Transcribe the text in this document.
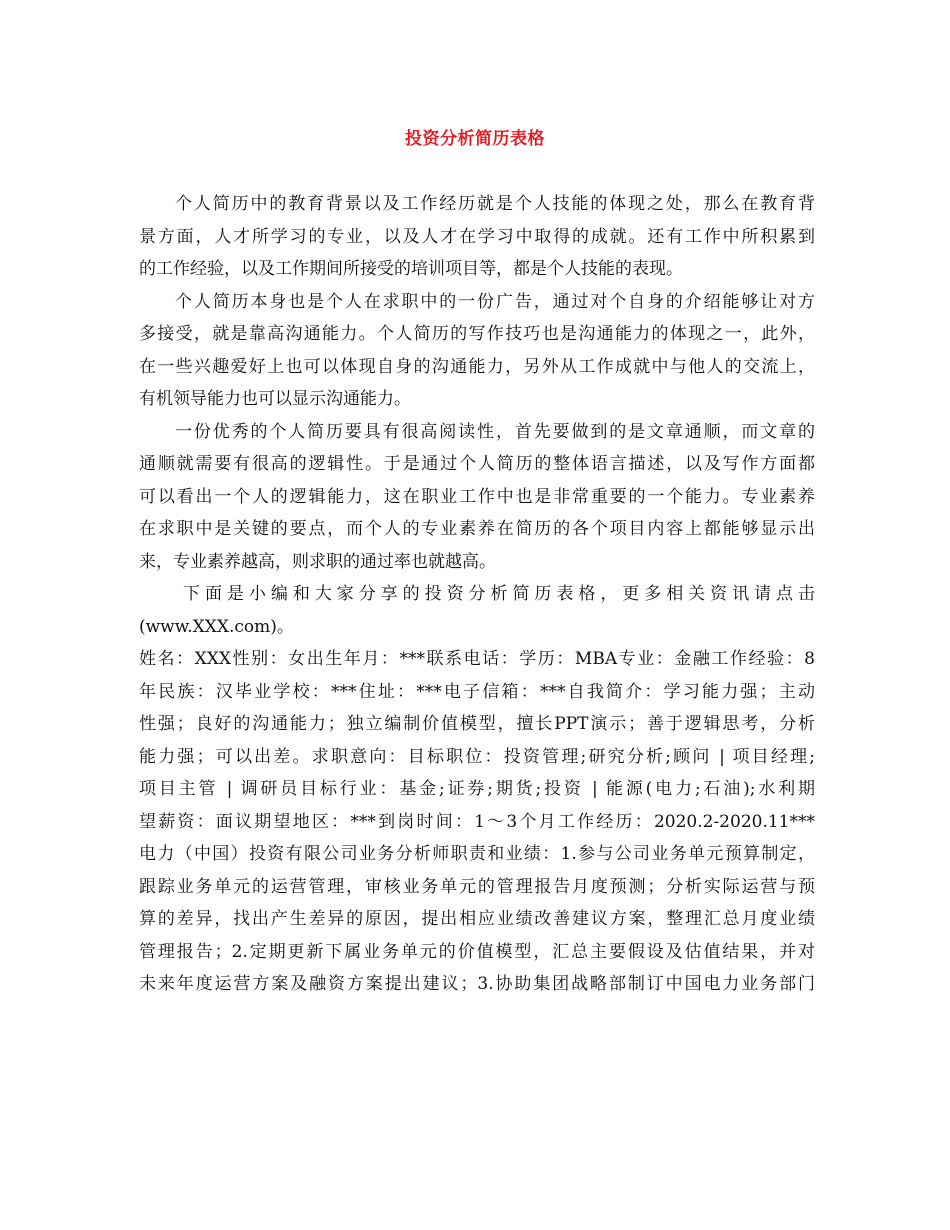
投资分析简历表格
个人简历中的教育背景以及工作经历就是个人技能的体现之处，那么在教育背
景方面，人才所学习的专业，以及人才在学习中取得的成就。还有工作中所积累到
的工作经验，以及工作期间所接受的培训项目等，都是个人技能的表现。
个人简历本身也是个人在求职中的一份广告，通过对个自身的介绍能够让对方
多接受，就是靠高沟通能力。个人简历的写作技巧也是沟通能力的体现之一，此外，
在一些兴趣爱好上也可以体现自身的沟通能力，另外从工作成就中与他人的交流上，
有机领导能力也可以显示沟通能力。
一份优秀的个人简历要具有很高阅读性，首先要做到的是文章通顺，而文章的
通顺就需要有很高的逻辑性。于是通过个人简历的整体语言描述，以及写作方面都
可以看出一个人的逻辑能力，这在职业工作中也是非常重要的一个能力。专业素养
在求职中是关键的要点，而个人的专业素养在简历的各个项目内容上都能够显示出
来，专业素养越高，则求职的通过率也就越高。
下面是小编和大家分享的投资分析简历表格，更多相关资讯请点击
(www.XXX.com)。
姓名：XXX性别：女出生年月：***联系电话：学历：MBA专业：金融工作经验：8
年民族：汉毕业学校：***住址：***电子信箱：***自我简介：学习能力强；主动
性强；良好的沟通能力；独立编制价值模型，擅长PPT演示；善于逻辑思考，分析
能力强；可以出差。求职意向：目标职位：投资管理;研究分析;顾问 | 项目经理;
项目主管 | 调研员目标行业：基金;证券;期货;投资 | 能源(电力;石油);水利期
望薪资：面议期望地区：***到岗时间：1～3个月工作经历：2020.2-2020.11***
电力（中国）投资有限公司业务分析师职责和业绩：1.参与公司业务单元预算制定，
跟踪业务单元的运营管理，审核业务单元的管理报告月度预测；分析实际运营与预
算的差异，找出产生差异的原因，提出相应业绩改善建议方案，整理汇总月度业绩
管理报告；2.定期更新下属业务单元的价值模型，汇总主要假设及估值结果，并对
未来年度运营方案及融资方案提出建议；3.协助集团战略部制订中国电力业务部门
